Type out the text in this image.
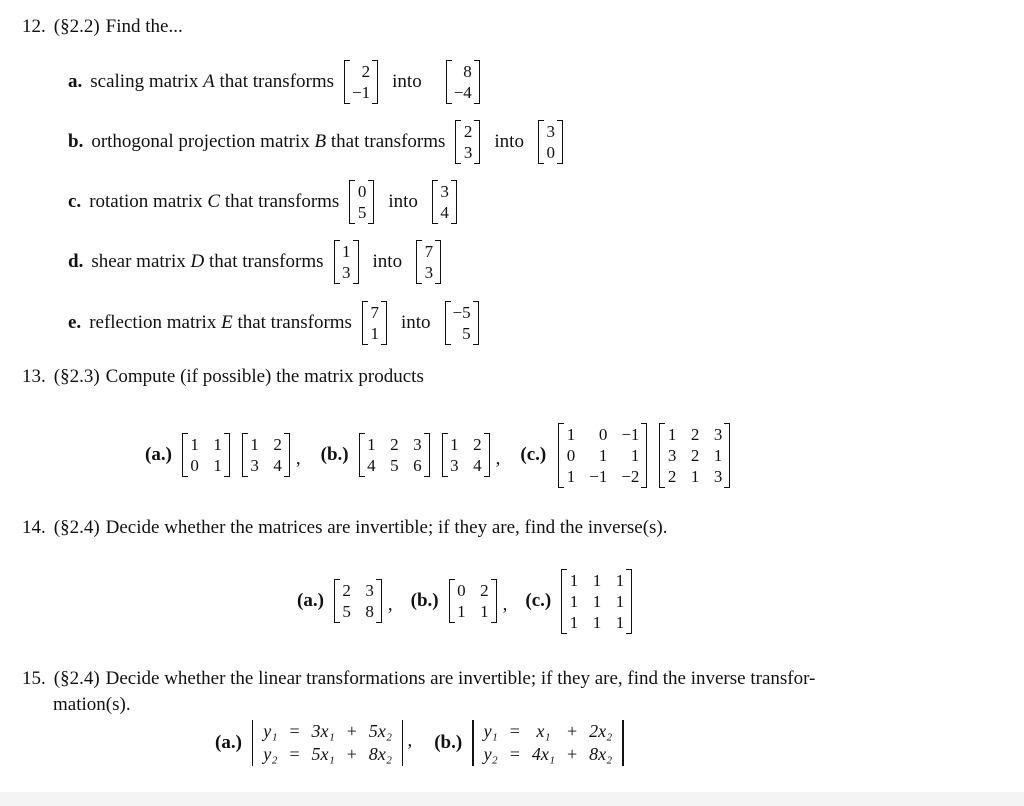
12. (§2.2) Find the...
a. scaling matrix
A
that transforms	2
−1
into	8
−4
b. orthogonal projection matrix
B
that transforms 2
3
into 3
0
c. rotation matrix
C
that transforms 0
5
into 3
4
d. shear matrix
D
that transforms 1
3
into 7
3
e. reflection matrix
E
that transforms 7
1
into −5
5
13. (§2.3) Compute (if possible) the matrix products
(a.) 1 1
0 1
1 2
3 4 , (b.) 1 2 3
4 5 6
1 2
3 4 , (c.)
1	0 −1
0	1	1
1 −1 −2
1 2 3
3 2 1
2 1 3
14. (§2.4) Decide whether the matrices are invertible; if they are, find the inverse(s).
(a.) 2 3
5 8 , (b.) 0 2
1 1 , (c.)
1 1 1
1 1 1
1 1 1
15. (§2.4) Decide whether the linear transformations are invertible; if they are, find the inverse transfor-
mation(s).
(a.)
y₁ = 3x₁ + 5x₂
y₂ = 5x₁ + 8x₂
, (b.)
y₁ = x₁ + 2x₂
y₂ = 4x₁ + 8x₂
